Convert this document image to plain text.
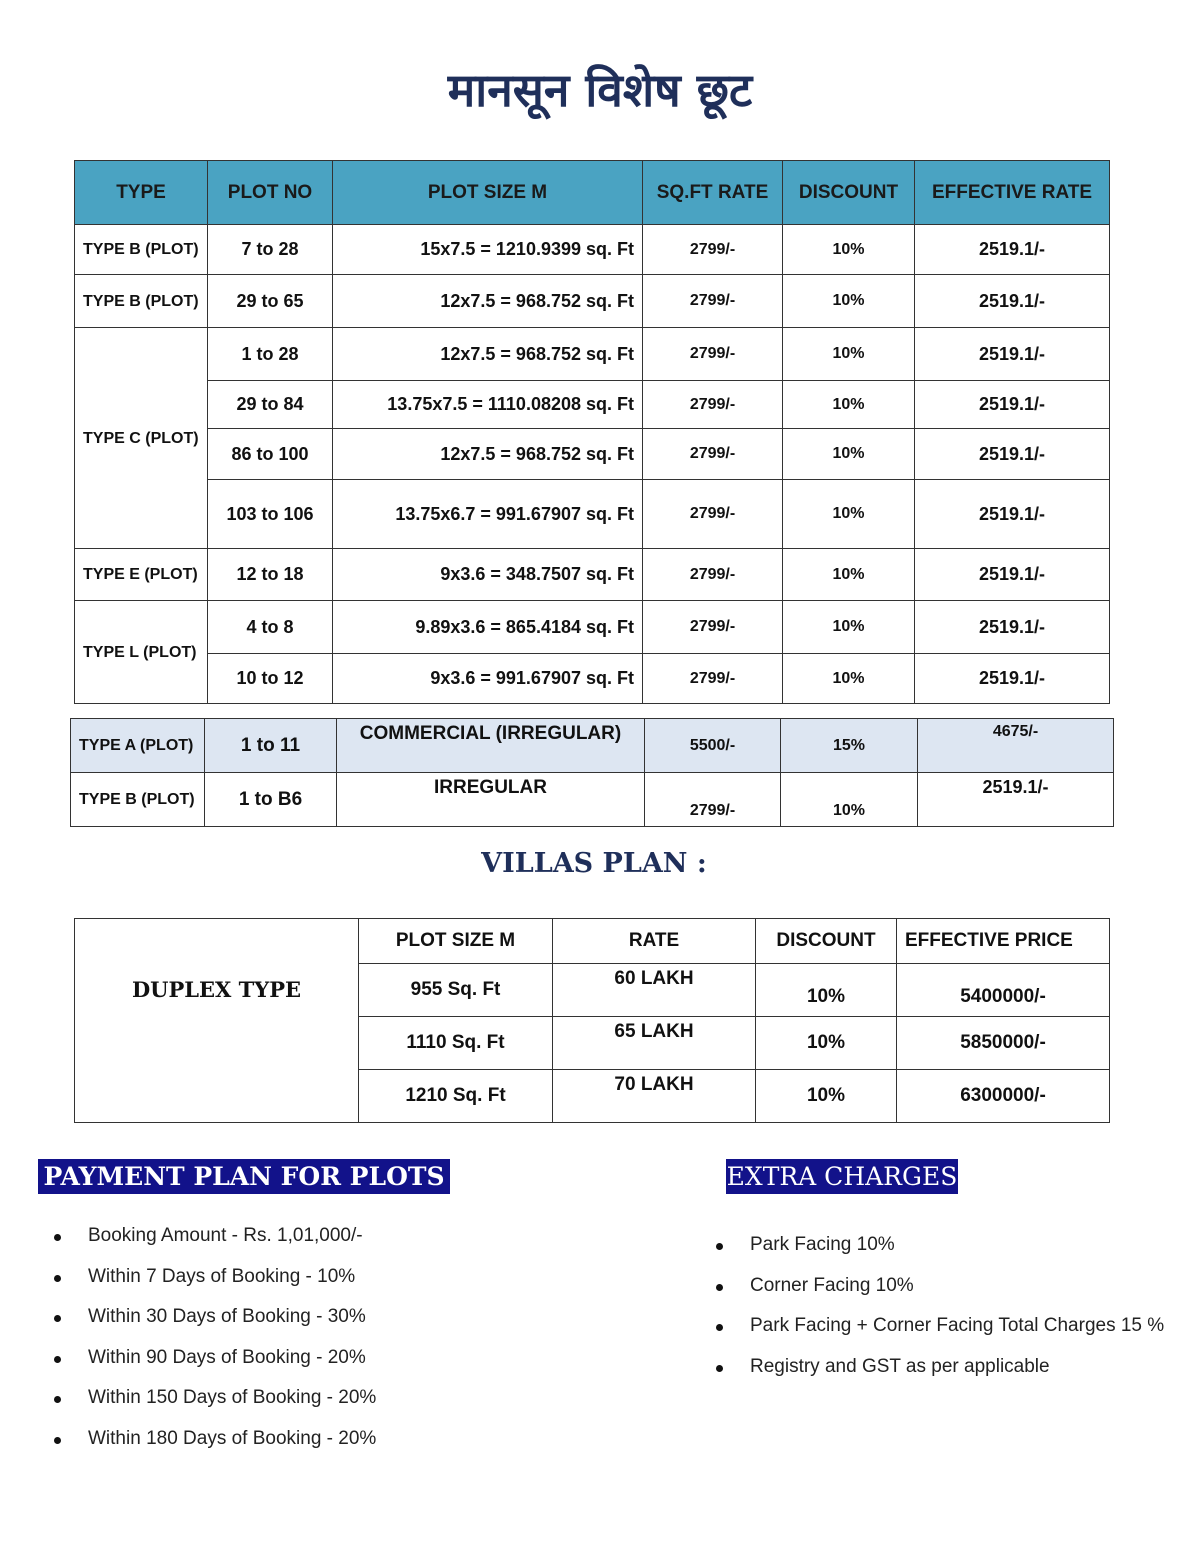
मानसून विशेष छूट
TYPE	PLOT NO	PLOT SIZE M	SQ.FT RATE	DISCOUNT	EFFECTIVE RATE
TYPE B (PLOT)	7 to 28	15x7.5 = 1210.9399 sq. Ft	2799/-	10%	2519.1/-
TYPE B (PLOT)	29 to 65	12x7.5 = 968.752 sq. Ft	2799/-	10%	2519.1/-
TYPE C (PLOT)	1 to 28	12x7.5 = 968.752 sq. Ft	2799/-	10%	2519.1/-
	29 to 84	13.75x7.5 = 1110.08208 sq. Ft	2799/-	10%	2519.1/-
	86 to 100	12x7.5 = 968.752 sq. Ft	2799/-	10%	2519.1/-
	103 to 106	13.75x6.7 = 991.67907 sq. Ft	2799/-	10%	2519.1/-
TYPE E (PLOT)	12 to 18	9x3.6 = 348.7507 sq. Ft	2799/-	10%	2519.1/-
TYPE L (PLOT)	4 to 8	9.89x3.6 = 865.4184 sq. Ft	2799/-	10%	2519.1/-
	10 to 12	9x3.6 = 991.67907 sq. Ft	2799/-	10%	2519.1/-
TYPE A (PLOT)	1 to 11	COMMERCIAL (IRREGULAR)	5500/-	15%	4675/-
TYPE B (PLOT)	1 to B6	IRREGULAR	2799/-	10%	2519.1/-
VILLAS PLAN :
DUPLEX TYPE	PLOT SIZE M	RATE	DISCOUNT	EFFECTIVE PRICE
	955 Sq. Ft	60 LAKH	10%	5400000/-
	1110 Sq. Ft	65 LAKH	10%	5850000/-
	1210 Sq. Ft	70 LAKH	10%	6300000/-
PAYMENT PLAN FOR PLOTS
Booking Amount - Rs. 1,01,000/-
Within 7 Days of Booking - 10%
Within 30 Days of Booking - 30%
Within 90 Days of Booking - 20%
Within 150 Days of Booking - 20%
Within 180 Days of Booking - 20%
EXTRA CHARGES
Park Facing 10%
Corner Facing 10%
Park Facing + Corner Facing Total Charges 15 %
Registry and GST as per applicable
